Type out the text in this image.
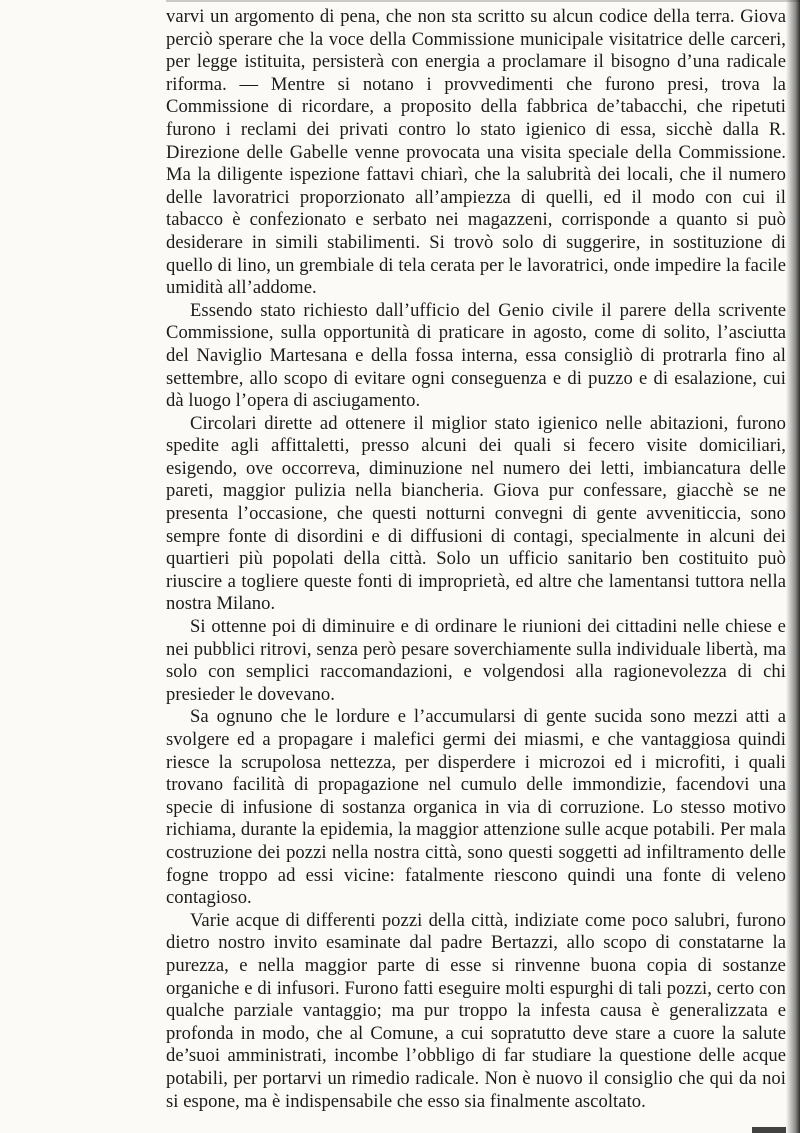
varvi un argomento di pena, che non sta scritto su alcun codice della terra. Giova perciò sperare che la voce della Commissione municipale visitatrice delle carceri, per legge istituita, persisterà con energia a proclamare il bisogno d’una radicale riforma. — Mentre si notano i provvedimenti che furono presi, trova la Commissione di ricordare, a proposito della fabbrica de’tabacchi, che ripetuti furono i reclami dei privati contro lo stato igienico di essa, sicchè dalla R. Direzione delle Gabelle venne provocata una visita speciale della Commissione. Ma la diligente ispezione fattavi chiarì, che la salubrità dei locali, che il numero delle lavoratrici proporzionato all’ampiezza di quelli, ed il modo con cui il tabacco è confezionato e serbato nei magazzeni, corrisponde a quanto si può desiderare in simili stabilimenti. Si trovò solo di suggerire, in sostituzione di quello di lino, un grembiale di tela cerata per le lavoratrici, onde impedire la facile umidità all’addome.

Essendo stato richiesto dall’ufficio del Genio civile il parere della scrivente Commissione, sulla opportunità di praticare in agosto, come di solito, l’asciutta del Naviglio Martesana e della fossa interna, essa consigliò di protrarla fino al settembre, allo scopo di evitare ogni conseguenza e di puzzo e di esalazione, cui dà luogo l’opera di asciugamento.

Circolari dirette ad ottenere il miglior stato igienico nelle abitazioni, furono spedite agli affittaletti, presso alcuni dei quali si fecero visite domiciliari, esigendo, ove occorreva, diminuzione nel numero dei letti, imbiancatura delle pareti, maggior pulizia nella biancheria. Giova pur confessare, giacchè se ne presenta l’occasione, che questi notturni convegni di gente avveniticcia, sono sempre fonte di disordini e di diffusioni di contagi, specialmente in alcuni dei quartieri più popolati della città. Solo un ufficio sanitario ben costituito può riuscire a togliere queste fonti di improprietà, ed altre che lamentansi tuttora nella nostra Milano.

Si ottenne poi di diminuire e di ordinare le riunioni dei cittadini nelle chiese e nei pubblici ritrovi, senza però pesare soverchiamente sulla individuale libertà, ma solo con semplici raccomandazioni, e volgendosi alla ragionevolezza di chi presieder le dovevano.

Sa ognuno che le lordure e l’accumularsi di gente sucida sono mezzi atti a svolgere ed a propagare i malefici germi dei miasmi, e che vantaggiosa quindi riesce la scrupolosa nettezza, per disperdere i microzoi ed i microfiti, i quali trovano facilità di propagazione nel cumulo delle immondizie, facendovi una specie di infusione di sostanza organica in via di corruzione. Lo stesso motivo richiama, durante la epidemia, la maggior attenzione sulle acque potabili. Per mala costruzione dei pozzi nella nostra città, sono questi soggetti ad infiltramento delle fogne troppo ad essi vicine: fatalmente riescono quindi una fonte di veleno contagioso.

Varie acque di differenti pozzi della città, indiziate come poco salubri, furono dietro nostro invito esaminate dal padre Bertazzi, allo scopo di constatarne la purezza, e nella maggior parte di esse si rinvenne buona copia di sostanze organiche e di infusori. Furono fatti eseguire molti espurghi di tali pozzi, certo con qualche parziale vantaggio; ma pur troppo la infesta causa è generalizzata e profonda in modo, che al Comune, a cui sopratutto deve stare a cuore la salute de’suoi amministrati, incombe l’obbligo di far studiare la questione delle acque potabili, per portarvi un rimedio radicale. Non è nuovo il consiglio che qui da noi si espone, ma è indispensabile che esso sia finalmente ascoltato.
